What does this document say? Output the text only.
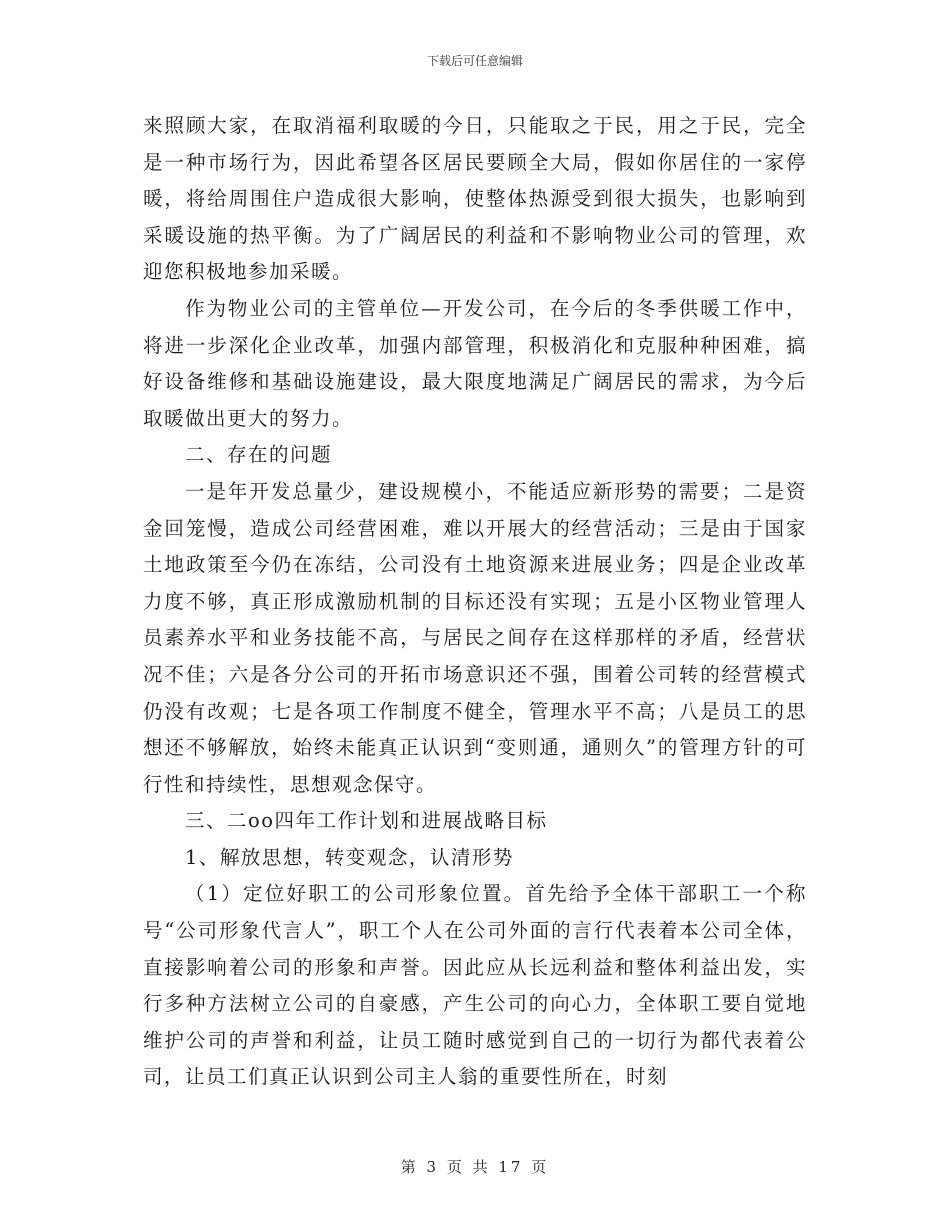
下载后可任意编辑

来照顾大家，在取消福利取暖的今日，只能取之于民，用之于民，完全是一种市场行为，因此希望各区居民要顾全大局，假如你居住的一家停暖，将给周围住户造成很大影响，使整体热源受到很大损失，也影响到采暖设施的热平衡。为了广阔居民的利益和不影响物业公司的管理，欢迎您积极地参加采暖。

作为物业公司的主管单位—开发公司，在今后的冬季供暖工作中，将进一步深化企业改革，加强内部管理，积极消化和克服种种困难，搞好设备维修和基础设施建设，最大限度地满足广阔居民的需求，为今后取暖做出更大的努力。

二、存在的问题

一是年开发总量少，建设规模小，不能适应新形势的需要；二是资金回笼慢，造成公司经营困难，难以开展大的经营活动；三是由于国家土地政策至今仍在冻结，公司没有土地资源来进展业务；四是企业改革力度不够，真正形成激励机制的目标还没有实现；五是小区物业管理人员素养水平和业务技能不高，与居民之间存在这样那样的矛盾，经营状况不佳；六是各分公司的开拓市场意识还不强，围着公司转的经营模式仍没有改观；七是各项工作制度不健全，管理水平不高；八是员工的思想还不够解放，始终未能真正认识到“变则通，通则久”的管理方针的可行性和持续性，思想观念保守。

三、二oo四年工作计划和进展战略目标

1、解放思想，转变观念，认清形势

（1）定位好职工的公司形象位置。首先给予全体干部职工一个称号“公司形象代言人”，职工个人在公司外面的言行代表着本公司全体，直接影响着公司的形象和声誉。因此应从长远利益和整体利益出发，实行多种方法树立公司的自豪感，产生公司的向心力，全体职工要自觉地维护公司的声誉和利益，让员工随时感觉到自己的一切行为都代表着公司，让员工们真正认识到公司主人翁的重要性所在，时刻

第 3 页 共 17 页
